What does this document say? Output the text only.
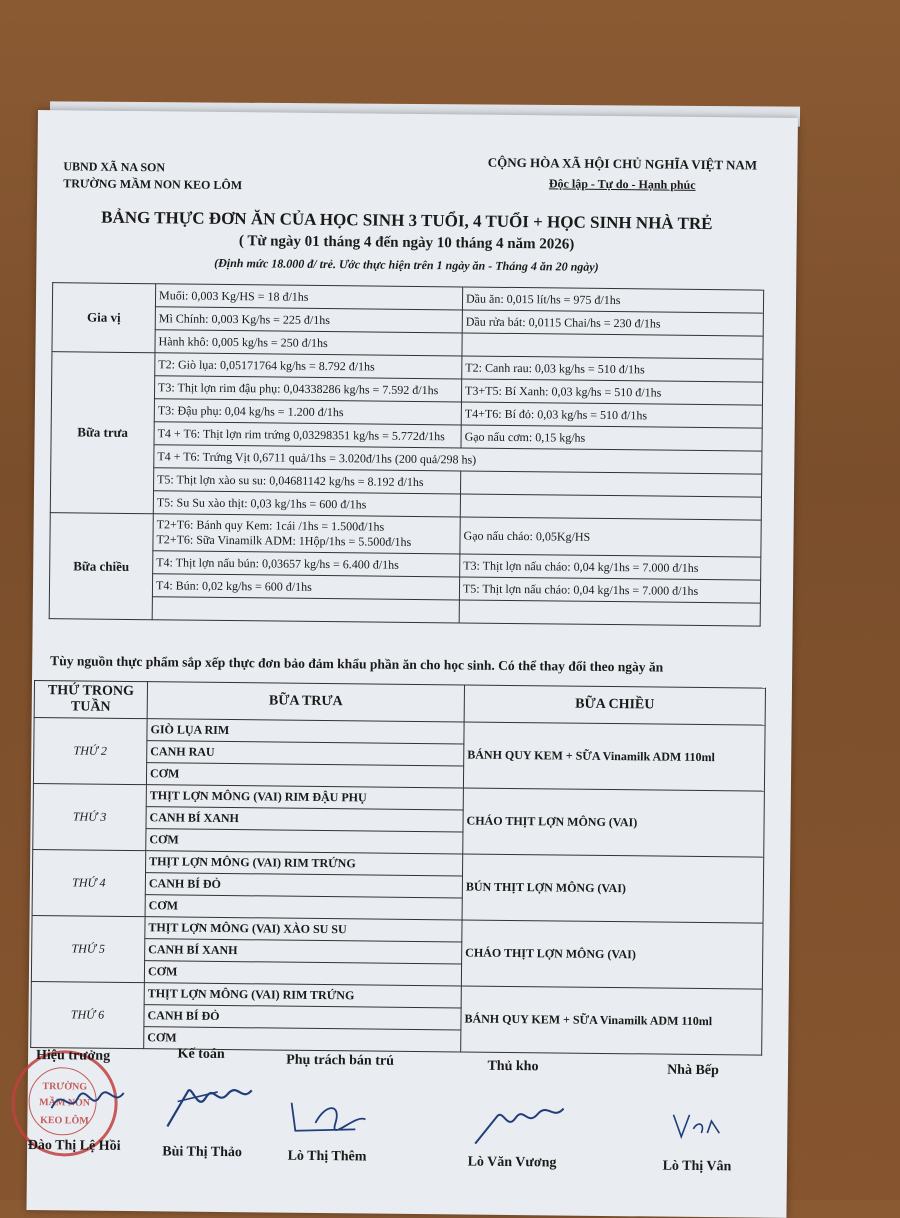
UBND XÃ NA SON
TRƯỜNG MẦM NON KEO LÔM
CỘNG HÒA XÃ HỘI CHỦ NGHĨA VIỆT NAM
Độc lập - Tự do - Hạnh phúc
BẢNG THỰC ĐƠN ĂN CỦA HỌC SINH 3 TUỔI, 4 TUỔI + HỌC SINH NHÀ TRẺ
( Từ ngày 01 tháng 4 đến ngày 10 tháng 4 năm 2026)
(Định mức 18.000 đ/ trẻ. Ước thực hiện trên 1 ngày ăn - Tháng 4 ăn 20 ngày)
Gia vị	Muối: 0,003 Kg/HS = 18 đ/1hs	Dầu ăn: 0,015 lít/hs = 975 đ/1hs
	Mì Chính: 0,003 Kg/hs = 225 đ/1hs	Dầu rửa bát: 0,0115 Chai/hs = 230 đ/1hs
	Hành khô: 0,005 kg/hs = 250 đ/1hs	
Bữa trưa	T2: Giò lụa: 0,05171764 kg/hs = 8.792 đ/1hs	T2: Canh rau: 0,03 kg/hs = 510 đ/1hs
	T3: Thịt lợn rim đậu phụ: 0,04338286 kg/hs = 7.592 đ/1hs	T3+T5: Bí Xanh: 0,03 kg/hs = 510 đ/1hs
	T3: Đậu phụ: 0,04 kg/hs = 1.200 đ/1hs	T4+T6: Bí đỏ: 0,03 kg/hs = 510 đ/1hs
	T4 + T6: Thịt lợn rim trứng 0,03298351 kg/hs = 5.772đ/1hs	Gạo nấu cơm: 0,15 kg/hs
	T4 + T6: Trứng Vịt 0,6711 quả/1hs = 3.020đ/1hs (200 quả/298 hs)	
	T5: Thịt lợn xào su su: 0,04681142 kg/hs = 8.192 đ/1hs	
	T5: Su Su xào thịt: 0,03 kg/1hs = 600 đ/1hs	
Bữa chiều	T2+T6: Bánh quy Kem: 1cái /1hs = 1.500đ/1hs
T2+T6: Sữa Vinamilk ADM: 1Hộp/1hs = 5.500đ/1hs	Gạo nấu cháo: 0,05Kg/HS
	T4: Thịt lợn nấu bún: 0,03657 kg/hs = 6.400 đ/1hs	T3: Thịt lợn nấu cháo: 0,04 kg/1hs = 7.000 đ/1hs
	T4: Bún: 0,02 kg/hs = 600 đ/1hs	T5: Thịt lợn nấu cháo: 0,04 kg/1hs = 7.000 đ/1hs

Tùy nguồn thực phẩm sắp xếp thực đơn bảo đảm khẩu phần ăn cho học sinh. Có thể thay đổi theo ngày ăn
THỨ TRONG TUẦN	BỮA TRƯA	BỮA CHIỀU
THỨ 2	GIÒ LỤA RIM	BÁNH QUY KEM + SỮA Vinamilk ADM 110ml
	CANH RAU	
	CƠM	
THỨ 3	THỊT LỢN MÔNG (VAI) RIM ĐẬU PHỤ	CHÁO THỊT LỢN MÔNG (VAI)
	CANH BÍ XANH	
	CƠM	
THỨ 4	THỊT LỢN MÔNG (VAI) RIM TRỨNG	BÚN THỊT LỢN MÔNG (VAI)
	CANH BÍ ĐỎ	
	CƠM	
THỨ 5	THỊT LỢN MÔNG (VAI) XÀO SU SU	CHÁO THỊT LỢN MÔNG (VAI)
	CANH BÍ XANH	
	CƠM	
THỨ 6	THỊT LỢN MÔNG (VAI) RIM TRỨNG	BÁNH QUY KEM + SỮA Vinamilk ADM 110ml
	CANH BÍ ĐỎ	
	CƠM	
TRƯỜNG
MẦM NON
KEO LÔM
Hiệu trưởng
Đào Thị Lệ Hồi
Kế toán
Bùi Thị Thảo
Phụ trách bán trú
Lò Thị Thêm
Thủ kho
Lò Văn Vương
Nhà Bếp
Lò Thị Vân
